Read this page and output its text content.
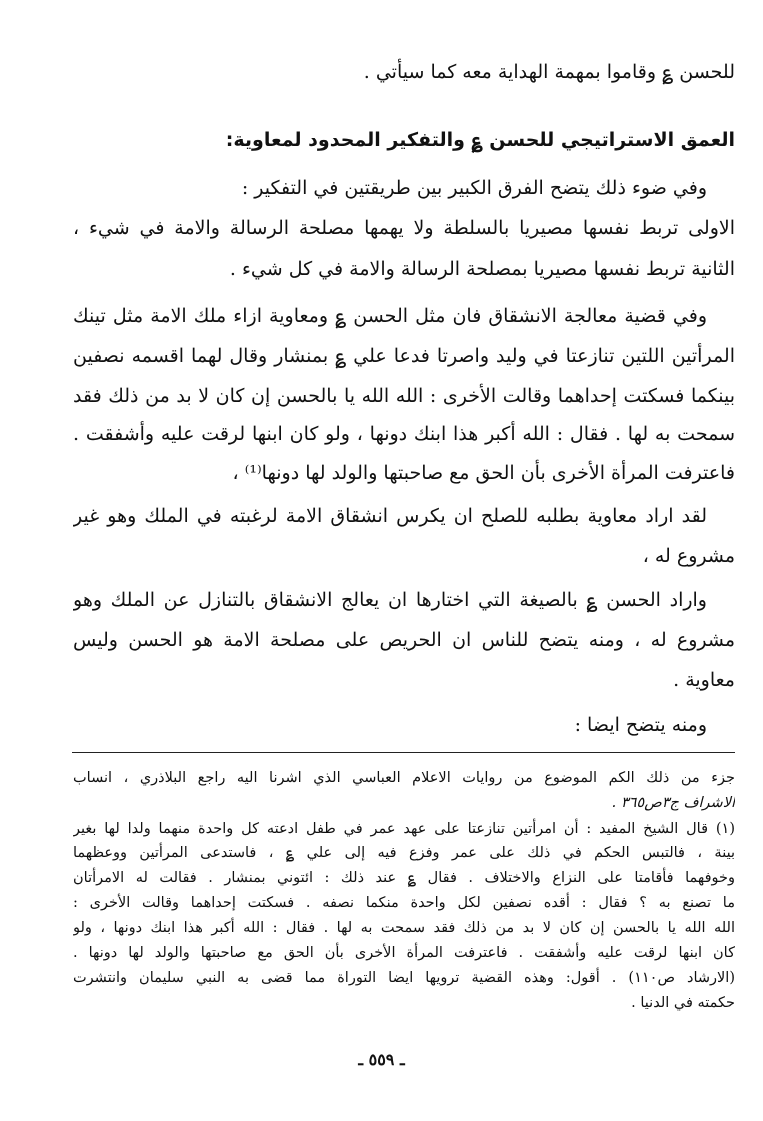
للحسن ؏ وقاموا بمهمة الهداية معه كما سيأتي .
العمق الاستراتيجي للحسن ؏ والتفكير المحدود لمعاوية:
وفي ضوء ذلك يتضح الفرق الكبير بين طريقتين في التفكير :
الاولى تربط نفسها مصيريا بالسلطة ولا يهمها مصلحة الرسالة والامة في شيء ،
الثانية تربط نفسها مصيريا بمصلحة الرسالة والامة في كل شيء .
وفي قضية معالجة الانشقاق فان مثل الحسن ؏ ومعاوية ازاء ملك الامة مثل تينك
المرأتين اللتين تنازعتا في وليد واصرتا فدعا علي ؏ بمنشار وقال لهما اقسمه نصفين
بينكما فسكتت إحداهما وقالت الأخرى : الله الله يا بالحسن إن كان لا بد من ذلك فقد
سمحت به لها . فقال : الله أكبر هذا ابنك دونها ، ولو كان ابنها لرقت عليه وأشفقت .
فاعترفت المرأة الأخرى بأن الحق مع صاحبتها والولد لها دونها⁽¹⁾ ،
لقد اراد معاوية بطلبه للصلح ان يكرس انشقاق الامة لرغبته في الملك وهو غير
مشروع له ،
واراد الحسن ؏ بالصيغة التي اختارها ان يعالج الانشقاق بالتنازل عن الملك وهو
مشروع له ، ومنه يتضح للناس ان الحريص على مصلحة الامة هو الحسن وليس
معاوية .
ومنه يتضح ايضا :
جزء من ذلك الكم الموضوع من روايات الاعلام العباسي الذي اشرنا اليه راجع البلاذري ، انساب
الاشراف ج٣ص٣٦٥ .
(١) قال الشيخ المفيد : أن امرأتين تنازعتا على عهد عمر في طفل ادعته كل واحدة منهما ولدا لها بغير
بينة ، فالتبس الحكم في ذلك على عمر وفزع فيه إلى علي ؏ ، فاستدعى المرأتين ووعظهما
وخوفهما فأقامتا على النزاع والاختلاف . فقال ؏ عند ذلك : ائتوني بمنشار . فقالت له الامرأتان
ما تصنع به ؟ فقال : أقده نصفين لكل واحدة منكما نصفه . فسكتت إحداهما وقالت الأخرى :
الله الله يا بالحسن إن كان لا بد من ذلك فقد سمحت به لها . فقال : الله أكبر هذا ابنك دونها ، ولو
كان ابنها لرقت عليه وأشفقت . فاعترفت المرأة الأخرى بأن الحق مع صاحبتها والولد لها دونها .
(الارشاد ص١١٠) . أقول: وهذه القضية ترويها ايضا التوراة مما قضى به النبي سليمان وانتشرت
حكمته في الدنيا .
ـ ٥٥٩ ـ
